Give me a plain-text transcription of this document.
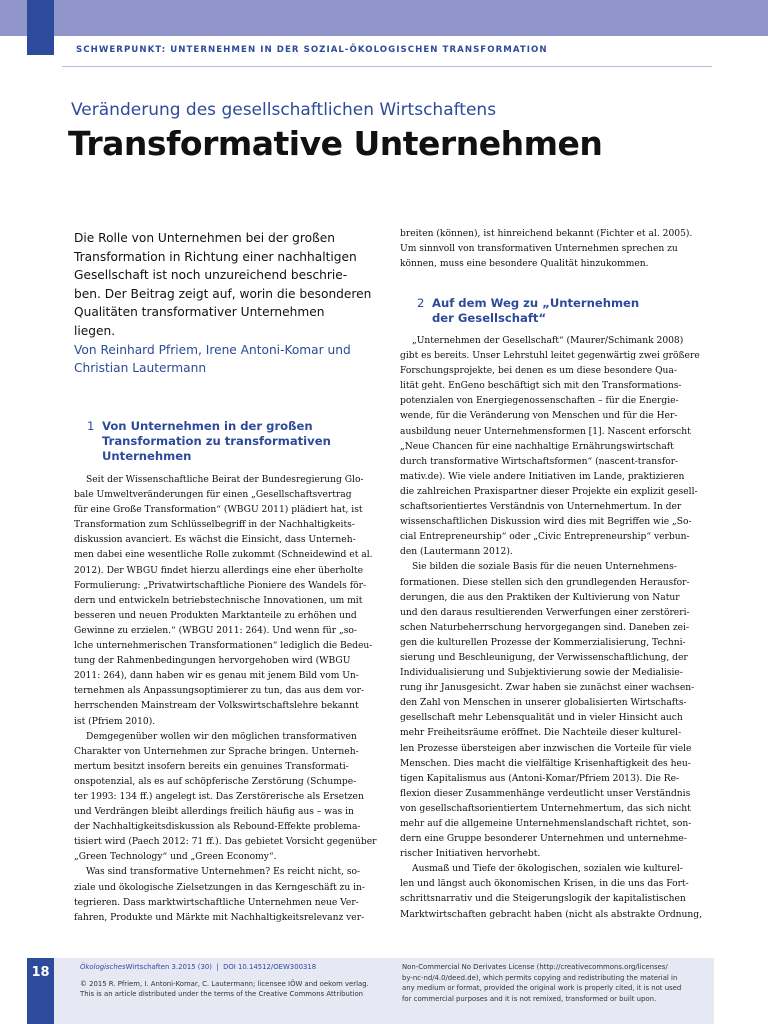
SCHWERPUNKT: UNTERNEHMEN IN DER SOZIAL-ÖKOLOGISCHEN TRANSFORMATION
Veränderung des gesellschaftlichen Wirtschaftens
Transformative Unternehmen
Die Rolle von Unternehmen bei der großen
Transformation in Richtung einer nachhaltigen
Gesellschaft ist noch unzureichend beschrie-
ben. Der Beitrag zeigt auf, worin die besonderen
Qualitäten transformativer Unternehmen
liegen.
Von Reinhard Pfriem, Irene Antoni-Komar und
Christian Lautermann
1 Von Unternehmen in der großen
Transformation zu transformativen
Unternehmen
Seit der Wissenschaftliche Beirat der Bundesregierung Glo-
bale Umweltveränderungen für einen „Gesellschaftsvertrag
für eine Große Transformation“ (WBGU 2011) plädiert hat, ist
Transformation zum Schlüsselbegriff in der Nachhaltigkeits-
diskussion avanciert. Es wächst die Einsicht, dass Unterneh-
men dabei eine wesentliche Rolle zukommt (Schneidewind et al.
2012). Der WBGU findet hierzu allerdings eine eher überholte
Formulierung: „Privatwirtschaftliche Pioniere des Wandels för-
dern und entwickeln betriebstechnische Innovationen, um mit
besseren und neuen Produkten Marktanteile zu erhöhen und
Gewinne zu erzielen.“ (WBGU 2011: 264). Und wenn für „so-
lche unternehmerischen Transformationen“ lediglich die Bedeu-
tung der Rahmenbedingungen hervorgehoben wird (WBGU
2011: 264), dann haben wir es genau mit jenem Bild vom Un-
ternehmen als Anpassungsoptimierer zu tun, das aus dem vor-
herrschenden Mainstream der Volkswirtschaftslehre bekannt
ist (Pfriem 2010).
Demgegenüber wollen wir den möglichen transformativen
Charakter von Unternehmen zur Sprache bringen. Unterneh-
mertum besitzt insofern bereits ein genuines Transformati-
onspotenzial, als es auf schöpferische Zerstörung (Schumpe-
ter 1993: 134 ff.) angelegt ist. Das Zerstörerische als Ersetzen
und Verdrängen bleibt allerdings freilich häufig aus – was in
der Nachhaltigkeitsdiskussion als Rebound-Effekte problema-
tisiert wird (Paech 2012: 71 ff.). Das gebietet Vorsicht gegenüber
„Green Technology“ und „Green Economy“.
Was sind transformative Unternehmen? Es reicht nicht, so-
ziale und ökologische Zielsetzungen in das Kerngeschäft zu in-
tegrieren. Dass marktwirtschaftliche Unternehmen neue Ver-
fahren, Produkte und Märkte mit Nachhaltigkeitsrelevanz ver-
breiten (können), ist hinreichend bekannt (Fichter et al. 2005).
Um sinnvoll von transformativen Unternehmen sprechen zu
können, muss eine besondere Qualität hinzukommen.
2 Auf dem Weg zu „Unternehmen
der Gesellschaft“
„Unternehmen der Gesellschaft“ (Maurer/Schimank 2008)
gibt es bereits. Unser Lehrstuhl leitet gegenwärtig zwei größere
Forschungsprojekte, bei denen es um diese besondere Qua-
lität geht. EnGeno beschäftigt sich mit den Transformations-
potenzialen von Energiegenossenschaften – für die Energie-
wende, für die Veränderung von Menschen und für die Her-
ausbildung neuer Unternehmensformen [1]. Nascent erforscht
„Neue Chancen für eine nachhaltige Ernährungswirtschaft
durch transformative Wirtschaftsformen“ (nascent-transfor-
mativ.de). Wie viele andere Initiativen im Lande, praktizieren
die zahlreichen Praxispartner dieser Projekte ein explizit gesell-
schaftsorientiertes Verständnis von Unternehmertum. In der
wissenschaftlichen Diskussion wird dies mit Begriffen wie „So-
cial Entrepreneurship“ oder „Civic Entrepreneurship“ verbun-
den (Lautermann 2012).
Sie bilden die soziale Basis für die neuen Unternehmens-
formationen. Diese stellen sich den grundlegenden Herausfor-
derungen, die aus den Praktiken der Kultivierung von Natur
und den daraus resultierenden Verwerfungen einer zerstöreri-
schen Naturbeherrschung hervorgegangen sind. Daneben zei-
gen die kulturellen Prozesse der Kommerzialisierung, Techni-
sierung und Beschleunigung, der Verwissenschaftlichung, der
Individualisierung und Subjektivierung sowie der Medialisie-
rung ihr Janusgesicht. Zwar haben sie zunächst einer wachsen-
den Zahl von Menschen in unserer globalisierten Wirtschafts-
gesellschaft mehr Lebensqualität und in vieler Hinsicht auch
mehr Freiheitsräume eröffnet. Die Nachteile dieser kulturel-
len Prozesse übersteigen aber inzwischen die Vorteile für viele
Menschen. Dies macht die vielfältige Krisenhaftigkeit des heu-
tigen Kapitalismus aus (Antoni-Komar/Pfriem 2013). Die Re-
flexion dieser Zusammenhänge verdeutlicht unser Verständnis
von gesellschaftsorientiertem Unternehmertum, das sich nicht
mehr auf die allgemeine Unternehmenslandschaft richtet, son-
dern eine Gruppe besonderer Unternehmen und unternehme-
rischer Initiativen hervorhebt.
Ausmaß und Tiefe der ökologischen, sozialen wie kulturel-
len und längst auch ökonomischen Krisen, in die uns das Fort-
schrittsnarrativ und die Steigerungslogik der kapitalistischen
Marktwirtschaften gebracht haben (nicht als abstrakte Ordnung,
18	ÖkologischesWirtschaften 3.2015 (30) | DOI 10.14512/OEW300318
© 2015 R. Pfriem, I. Antoni-Komar, C. Lautermann; licensee IÖW and oekom verlag.
This is an article distributed under the terms of the Creative Commons Attribution
Non-Commercial No Derivates License (http://creativecommons.org/licenses/
by-nc-nd/4.0/deed.de), which permits copying and redistributing the material in
any medium or format, provided the original work is properly cited, it is not used
for commercial purposes and it is not remixed, transformed or built upon.
